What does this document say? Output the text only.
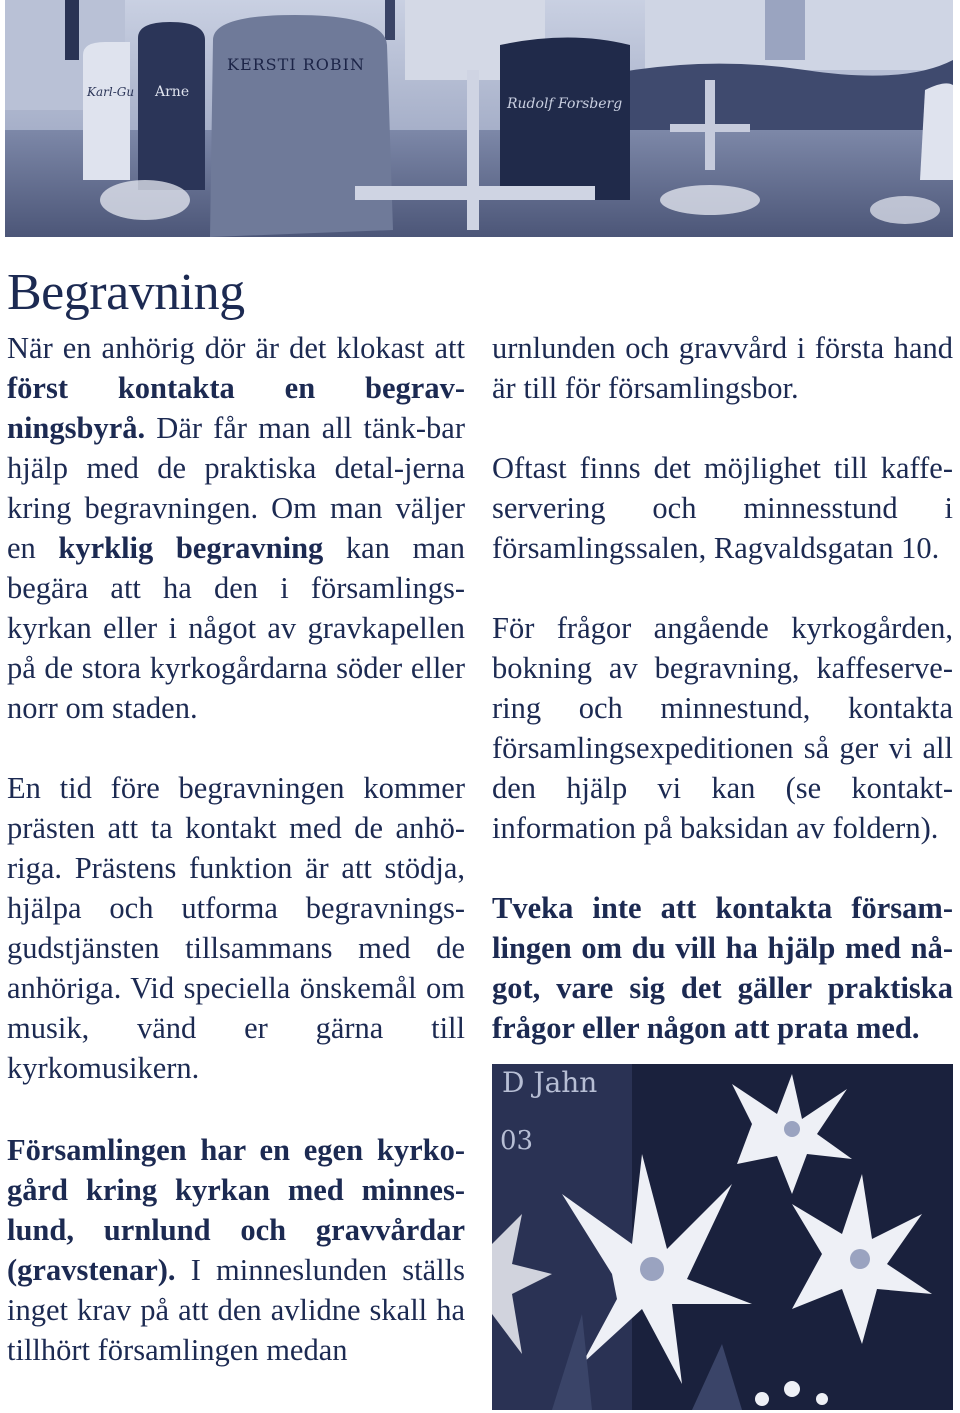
Karl-Gu Arne
KERSTI ROBIN
Rudolf Forsberg
Begravning

När en anhörig dör är det klokast att först kontakta en begrav-ningsbyrå. Där får man all tänk-bar hjälp med de praktiska detal-jerna kring begravningen. Om man väljer en kyrklig begravning kan man begära att ha den i församlings-kyrkan eller i något av gravkapellen på de stora kyrkogårdarna söder eller norr om staden.

En tid före begravningen kommer prästen att ta kontakt med de anhö-riga. Prästens funktion är att stödja, hjälpa och utforma begravnings-gudstjänsten tillsammans med de anhöriga. Vid speciella önskemål om musik, vänd er gärna till kyrkomusikern.

Församlingen har en egen kyrko-gård kring kyrkan med minnes-lund, urnlund och gravvårdar (gravstenar). I minneslunden ställs inget krav på att den avlidne skall ha tillhört församlingen medan

urnlunden och gravvård i första hand är till för församlingsbor.

Oftast finns det möjlighet till kaffe-servering och minnesstund i församlingssalen, Ragvaldsgatan 10.

För frågor angående kyrkogården, bokning av begravning, kaffeserve-ring och minnestund, kontakta församlingsexpeditionen så ger vi all den hjälp vi kan (se kontakt-information på baksidan av foldern).

Tveka inte att kontakta försam-lingen om du vill ha hjälp med nå-got, vare sig det gäller praktiska frågor eller någon att prata med.

D Jahn
03
